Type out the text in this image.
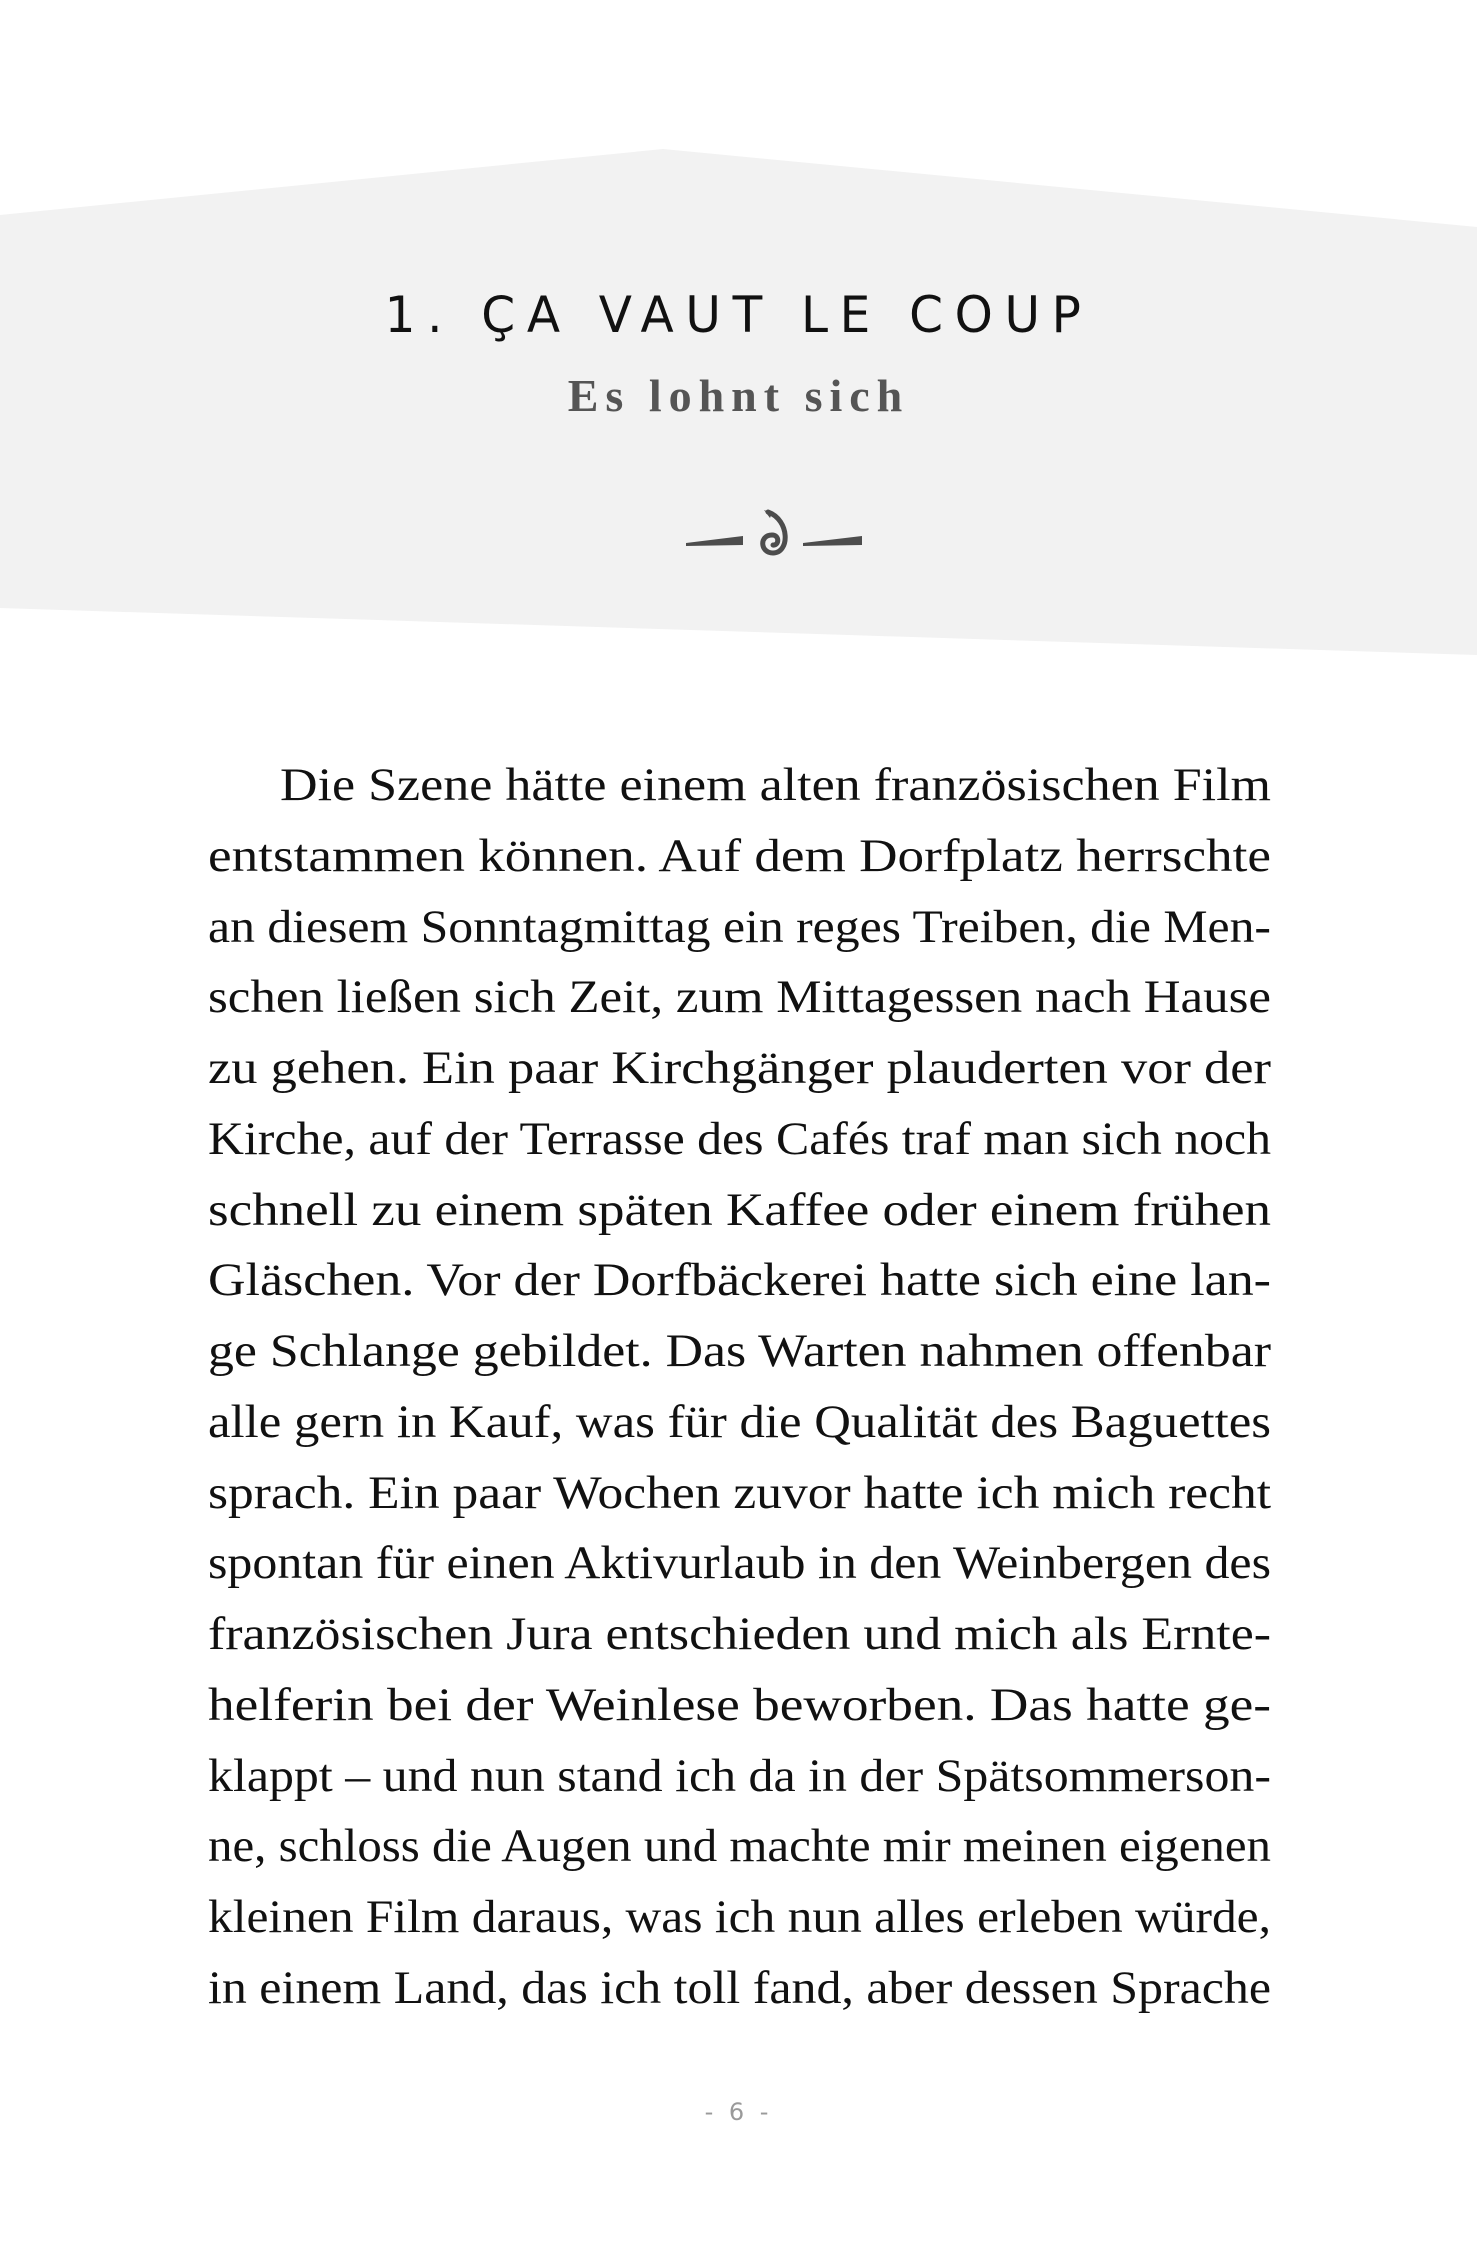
1. ÇA VAUT LE COUP
Es lohnt sich
Die Szene hätte einem alten französischen Film
entstammen können. Auf dem Dorfplatz herrschte
an diesem Sonntagmittag ein reges Treiben, die Men-
schen ließen sich Zeit, zum Mittagessen nach Hause
zu gehen. Ein paar Kirchgänger plauderten vor der
Kirche, auf der Terrasse des Cafés traf man sich noch
schnell zu einem späten Kaffee oder einem frühen
Gläschen. Vor der Dorfbäckerei hatte sich eine lan-
ge Schlange gebildet. Das Warten nahmen offenbar
alle gern in Kauf, was für die Qualität des Baguettes
sprach. Ein paar Wochen zuvor hatte ich mich recht
spontan für einen Aktivurlaub in den Weinbergen des
französischen Jura entschieden und mich als Ernte-
helferin bei der Weinlese beworben. Das hatte ge-
klappt – und nun stand ich da in der Spätsommerson-
ne, schloss die Augen und machte mir meinen eigenen
kleinen Film daraus, was ich nun alles erleben würde,
in einem Land, das ich toll fand, aber dessen Sprache
- 6 -
